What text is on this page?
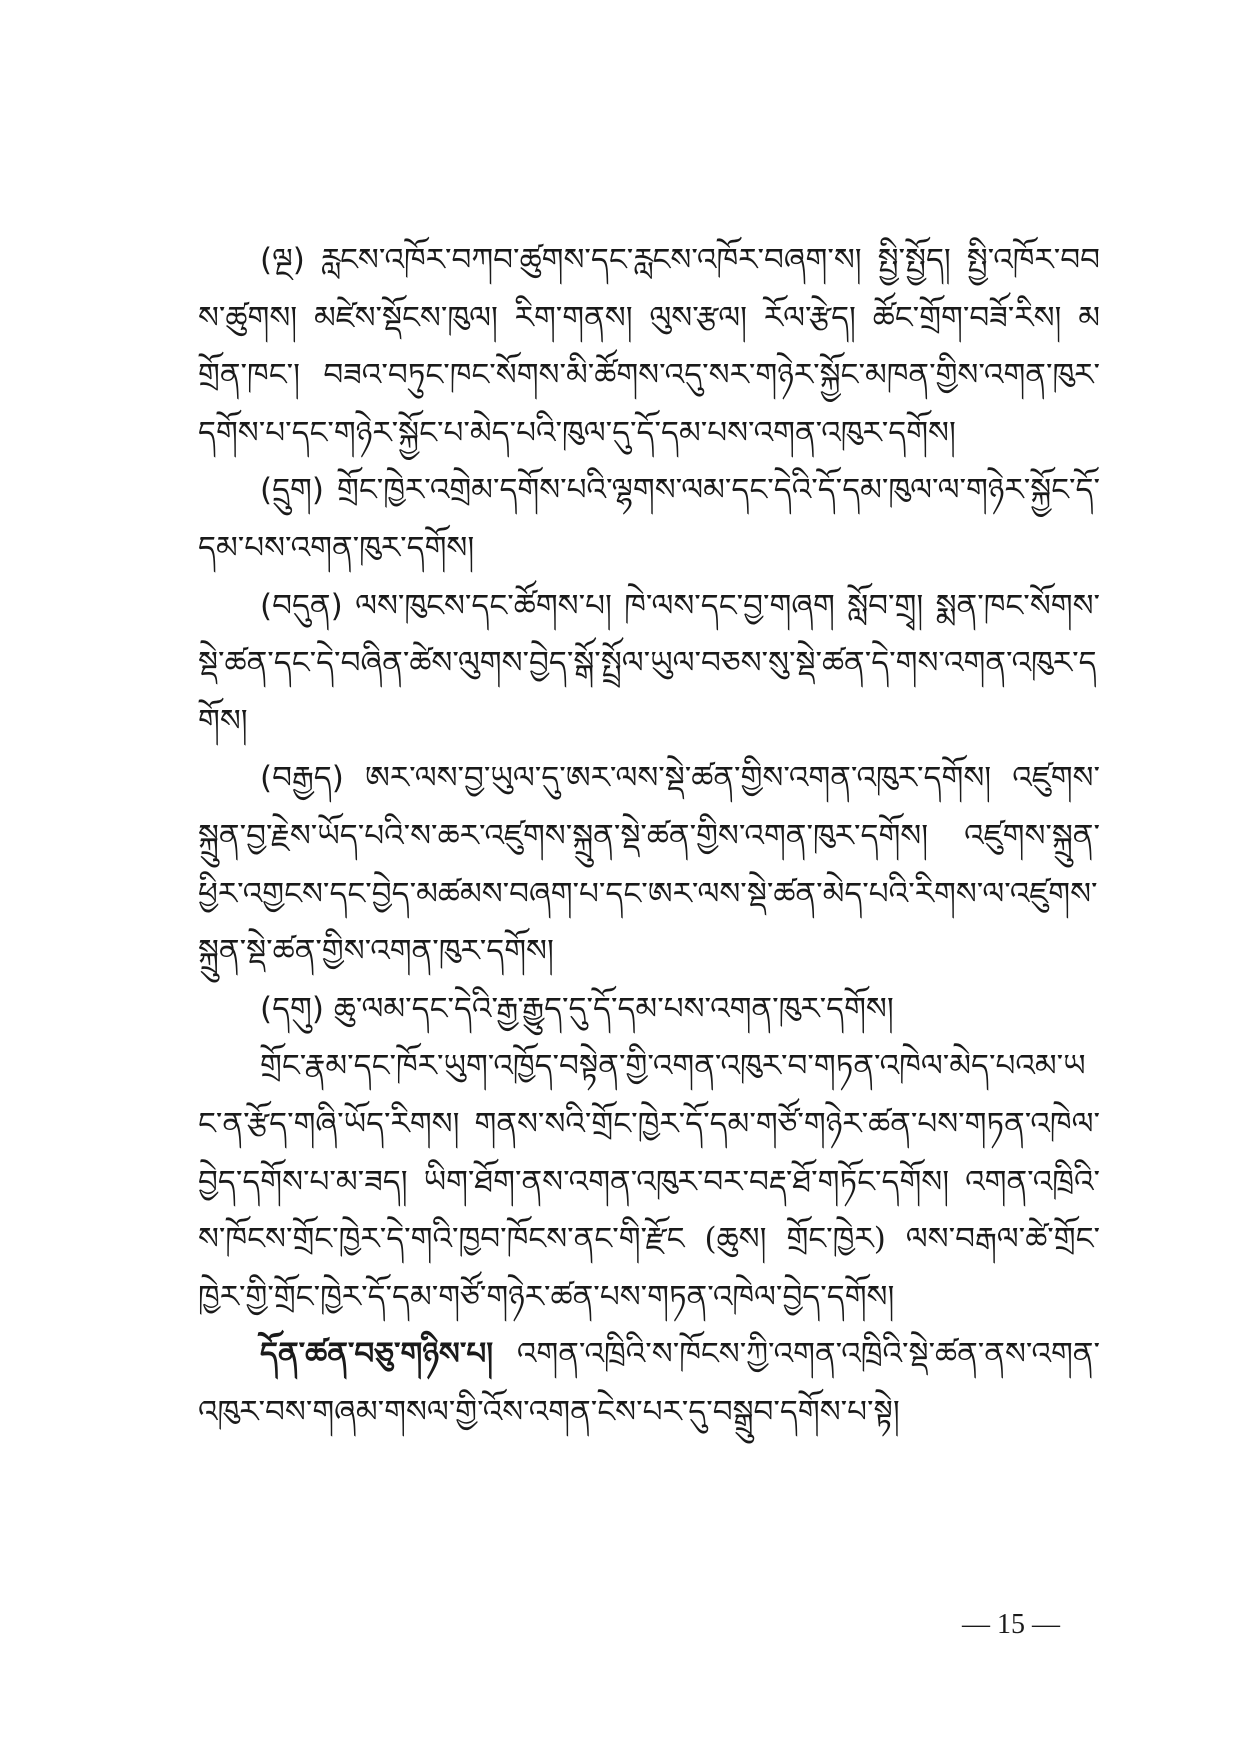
(ལྔ) རླངས་འཁོར་བཀབ་ཚུགས་དང་རླངས་འཁོར་བཞག་ས། སྤྱི་སྤྱོད། སྤྱི་འཁོར་བབས་ཚུགས། མཛེས་སྡོངས་ཁུལ། རིག་གནས། ལུས་རྩལ། རོལ་རྩེད། ཚོང་གྲོག་བཟོ་རིས། མགྲོན་ཁང་། བཟའ་བཏུང་ཁང་སོགས་མི་ཚོགས་འདུ་སར་གཉེར་སྐྱོང་མཁན་གྱིས་འགན་ཁུར་དགོས་པ་དང་གཉེར་སྐྱོང་པ་མེད་པའི་ཁུལ་དུ་དོ་དམ་པས་འགན་འཁུར་དགོས།

(དྲུག) གྲོང་ཁྱེར་འགྲེམ་དགོས་པའི་ལྷགས་ལམ་དང་དེའི་དོ་དམ་ཁུལ་ལ་གཉེར་སྐྱོང་དོ་དམ་པས་འགན་ཁུར་དགོས།

(བདུན) ལས་ཁུངས་དང་ཚོགས་པ། ཁེ་ལས་དང་བྱ་གཞག སློབ་གྲྭ། སྨན་ཁང་སོགས་སྡེ་ཚན་དང་དེ་བཞིན་ཚེས་ལུགས་བྱེད་སྒོ་སྤྲོལ་ཡུལ་བཅས་སུ་སྡེ་ཚན་དེ་གས་འགན་འཁུར་དགོས།

(བརྒྱད) ཨར་ལས་བྱ་ཡུལ་དུ་ཨར་ལས་སྡེ་ཚན་གྱིས་འགན་འཁུར་དགོས། འཛུགས་སྐྲུན་བྱ་རྗེས་ཡོད་པའི་ས་ཆར་འཛུགས་སྐྲུན་སྡེ་ཚན་གྱིས་འགན་ཁུར་དགོས། འཛུགས་སྐྲུན་ཕྱིར་འགྱངས་དང་བྱེད་མཚམས་བཞག་པ་དང་ཨར་ལས་སྡེ་ཚན་མེད་པའི་རིགས་ལ་འཛུགས་སྐྲུན་སྡེ་ཚན་གྱིས་འགན་ཁུར་དགོས།

(དགུ) ཆུ་ལམ་དང་དེའི་རྒྱ་རྒྱུད་དུ་དོ་དམ་པས་འགན་ཁུར་དགོས།

གྲོང་རྣམ་དང་ཁོར་ཡུག་འཁྱོད་བསྟེན་གྱི་འགན་འཁུར་བ་གཏན་འཁེལ་མེད་པའམ་ཡང་ན་རྩོད་གཞི་ཡོད་རིགས། གནས་སའི་གྲོང་ཁྱེར་དོ་དམ་གཙོ་གཉེར་ཚན་པས་གཏན་འཁེལ་བྱེད་དགོས་པ་མ་ཟད། ཡིག་ཐོག་ནས་འགན་འཁུར་བར་བརྡ་ཐོ་གཏོང་དགོས། འགན་འཁྲིའི་ས་ཁོངས་གྲོང་ཁྱེར་དེ་གའི་ཁྱབ་ཁོངས་ནང་གི་རྫོང (ཆུས། གྲོང་ཁྱེར) ལས་བརྒལ་ཚེ་གྲོང་ཁྱེར་གྱི་གྲོང་ཁྱེར་དོ་དམ་གཙོ་གཉེར་ཚན་པས་གཏན་འཁེལ་བྱེད་དགོས།

དོན་ཚན་བཅུ་གཉིས་པ། འགན་འཁྲིའི་ས་ཁོངས་ཀྱི་འགན་འཁྲིའི་སྡེ་ཚན་ནས་འགན་འཁུར་བས་གཞམ་གསལ་གྱི་འོས་འགན་ངེས་པར་དུ་བསྒྲུབ་དགོས་པ་སྟེ།

— 15 —
